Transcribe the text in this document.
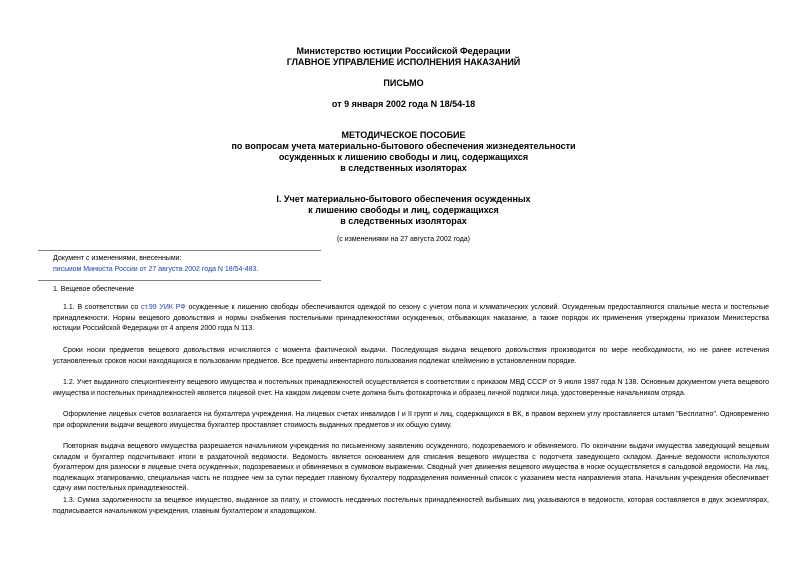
Министерство юстиции Российской Федерации
ГЛАВНОЕ УПРАВЛЕНИЕ ИСПОЛНЕНИЯ НАКАЗАНИЙ
ПИСЬМО
от 9 января 2002 года N 18/54-18
МЕТОДИЧЕСКОЕ ПОСОБИЕ
по вопросам учета материально-бытового обеспечения жизнедеятельности
осужденных к лишению свободы и лиц, содержащихся
в следственных изоляторах
I. Учет материально-бытового обеспечения осужденных
к лишению свободы и лиц, содержащихся
в следственных изоляторах
(с изменениями на 27 августа 2002 года)
Документ с изменениями, внесенными:
письмом Минюста России от 27 августа 2002 года N 18/54-483.
1. Вещевое обеспечение
1.1. В соответствии со ст.99 УИК РФ осужденные к лишению свободы обеспечиваются одеждой по сезону с учетом пола и климатических условий. Осужденным предоставляются спальные места и постельные принадлежности. Нормы вещевого довольствия и нормы снабжения постельными принадлежностями осужденных, отбывающих наказание, а также порядок их применения утверждены приказом Министерства юстиции Российской Федерации от 4 апреля 2000 года N 113.
Сроки носки предметов вещевого довольствия исчисляются с момента фактической выдачи. Последующая выдача вещевого довольствия производится по мере необходимости, но не ранее истечения установленных сроков носки находящихся в пользовании предметов. Все предметы инвентарного пользования подлежат клеймению в установленном порядке.
1.2. Учет выданного спецконтингенту вещевого имущества и постельных принадлежностей осуществляется в соответствии с приказом МВД СССР от 9 июля 1987 года N 138. Основным документом учета вещевого имущества и постельных принадлежностей является лицевой счет. На каждом лицевом счете должна быть фотокарточка и образец личной подписи лица, удостоверенные начальником отряда.
Оформление лицевых счетов возлагается на бухгалтера учреждения. На лицевых счетах инвалидов I и II групп и лиц, содержащихся в ВК, в правом верхнем углу проставляется штамп "Бесплатно". Одновременно при оформлении выдачи вещевого имущества бухгалтер проставляет стоимость выданных предметов и их общую сумму.
Повторная выдача вещевого имущества разрешается начальником учреждения по письменному заявлению осужденного, подозреваемого и обвиняемого. По окончании выдачи имущества заведующий вещевым складом и бухгалтер подсчитывают итоги в раздаточной ведомости. Ведомость является основанием для списания вещевого имущества с подотчета заведующего складом. Данные ведомости используются бухгалтером для разноски в лицевые счета осужденных, подозреваемых и обвиняемых в суммовом выражении. Сводный учет движения вещевого имущества в носке осуществляется в сальдовой ведомости. На лиц, подлежащих этапированию, специальная часть не позднее чем за сутки передает главному бухгалтеру подразделения поименный список с указанием места направления этапа. Начальник учреждения обеспечивает сдачу ими постельных принадлежностей.
1.3. Сумма задолженности за вещевое имущество, выданное за плату, и стоимость несданных постельных принадлежностей выбывших лиц указываются в ведомости, которая составляется в двух экземплярах, подписывается начальником учреждения, главным бухгалтером и кладовщиком.
